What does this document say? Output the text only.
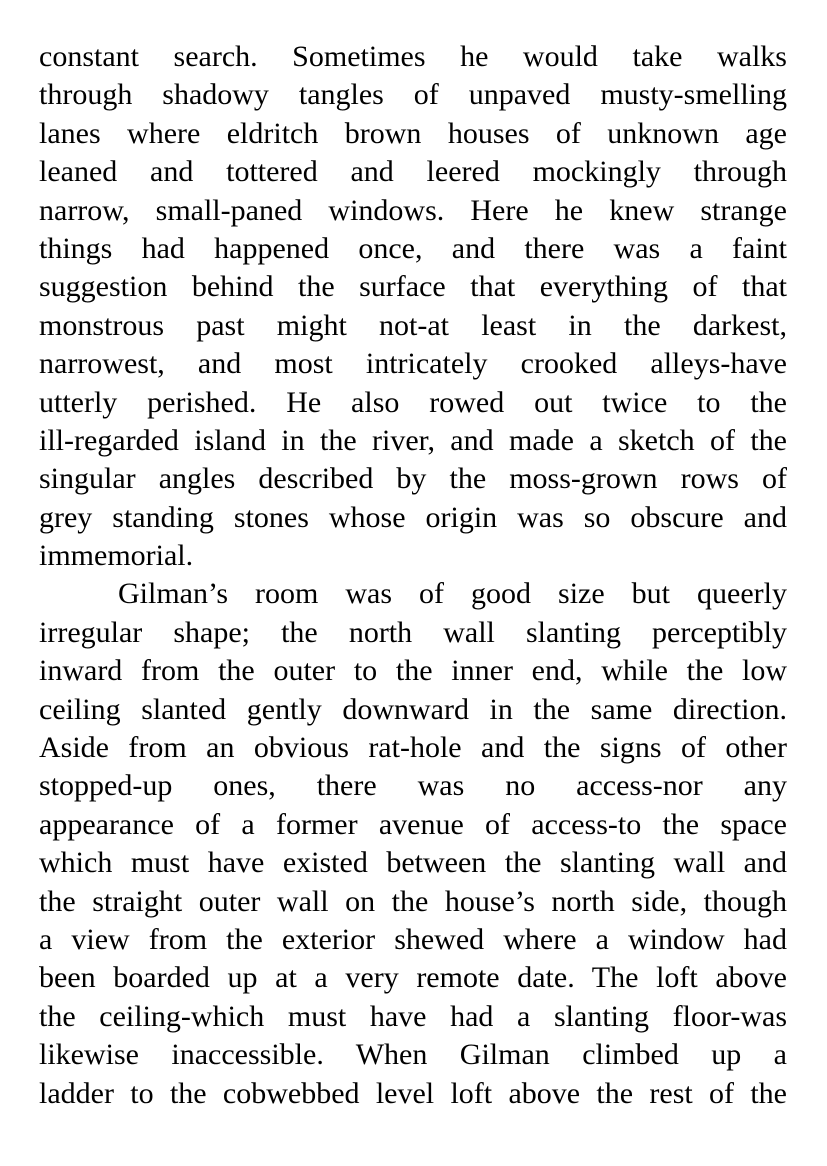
constant search. Sometimes he would take walks
through shadowy tangles of unpaved musty-smelling
lanes where eldritch brown houses of unknown age
leaned and tottered and leered mockingly through
narrow, small-paned windows. Here he knew strange
things had happened once, and there was a faint
suggestion behind the surface that everything of that
monstrous past might not-at least in the darkest,
narrowest, and most intricately crooked alleys-have
utterly perished. He also rowed out twice to the
ill-regarded island in the river, and made a sketch of the
singular angles described by the moss-grown rows of
grey standing stones whose origin was so obscure and
immemorial.
Gilman’s room was of good size but queerly
irregular shape; the north wall slanting perceptibly
inward from the outer to the inner end, while the low
ceiling slanted gently downward in the same direction.
Aside from an obvious rat-hole and the signs of other
stopped-up ones, there was no access-nor any
appearance of a former avenue of access-to the space
which must have existed between the slanting wall and
the straight outer wall on the house’s north side, though
a view from the exterior shewed where a window had
been boarded up at a very remote date. The loft above
the ceiling-which must have had a slanting floor-was
likewise inaccessible. When Gilman climbed up a
ladder to the cobwebbed level loft above the rest of the
